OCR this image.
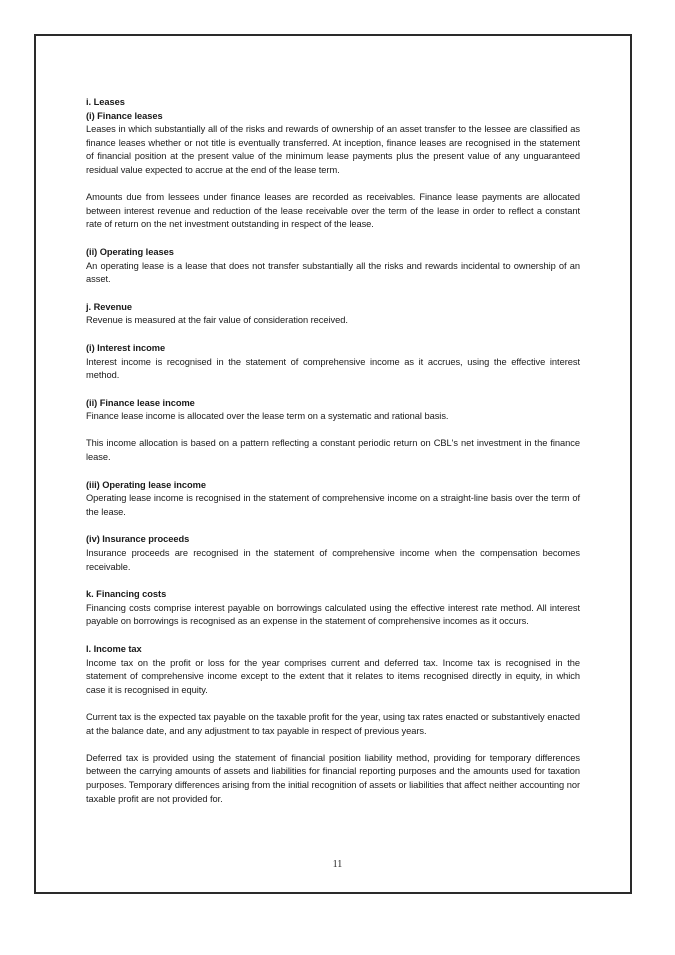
i. Leases
(i) Finance leases
Leases in which substantially all of the risks and rewards of ownership of an asset transfer to the lessee are classified as finance leases whether or not title is eventually transferred. At inception, finance leases are recognised in the statement of financial position at the present value of the minimum lease payments plus the present value of any unguaranteed residual value expected to accrue at the end of the lease term.
Amounts due from lessees under finance leases are recorded as receivables. Finance lease payments are allocated between interest revenue and reduction of the lease receivable over the term of the lease in order to reflect a constant rate of return on the net investment outstanding in respect of the lease.
(ii) Operating leases
An operating lease is a lease that does not transfer substantially all the risks and rewards incidental to ownership of an asset.
j. Revenue
Revenue is measured at the fair value of consideration received.
(i) Interest income
Interest income is recognised in the statement of comprehensive income as it accrues, using the effective interest method.
(ii) Finance lease income
Finance lease income is allocated over the lease term on a systematic and rational basis.
This income allocation is based on a pattern reflecting a constant periodic return on CBL's net investment in the finance lease.
(iii) Operating lease income
Operating lease income is recognised in the statement of comprehensive income on a straight-line basis over the term of the lease.
(iv) Insurance proceeds
Insurance proceeds are recognised in the statement of comprehensive income when the compensation becomes receivable.
k. Financing costs
Financing costs comprise interest payable on borrowings calculated using the effective interest rate method. All interest payable on borrowings is recognised as an expense in the statement of comprehensive incomes as it occurs.
l. Income tax
Income tax on the profit or loss for the year comprises current and deferred tax. Income tax is recognised in the statement of comprehensive income except to the extent that it relates to items recognised directly in equity, in which case it is recognised in equity.
Current tax is the expected tax payable on the taxable profit for the year, using tax rates enacted or substantively enacted at the balance date, and any adjustment to tax payable in respect of previous years.
Deferred tax is provided using the statement of financial position liability method, providing for temporary differences between the carrying amounts of assets and liabilities for financial reporting purposes and the amounts used for taxation purposes. Temporary differences arising from the initial recognition of assets or liabilities that affect neither accounting nor taxable profit are not provided for.
11
